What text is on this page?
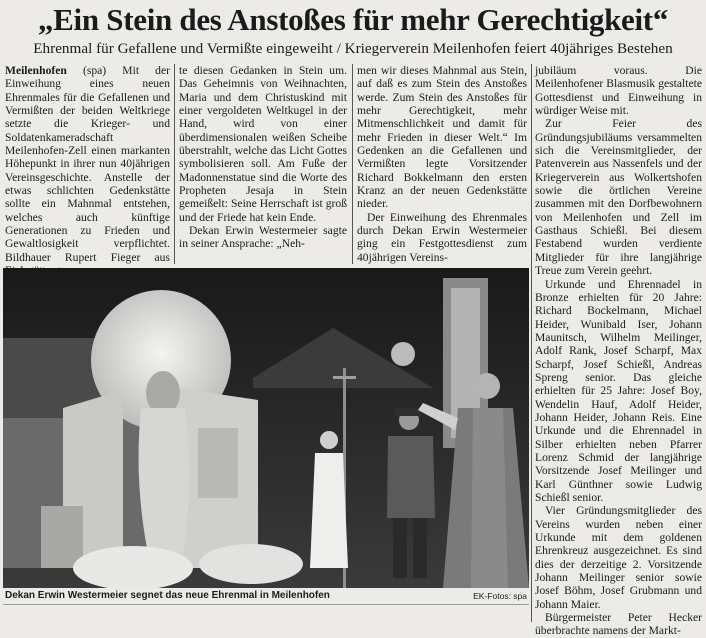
„Ein Stein des Anstoßes für mehr Gerechtigkeit“
Ehrenmal für Gefallene und Vermißte eingeweiht / Kriegerverein Meilenhofen feiert 40jähriges Bestehen

Meilenhofen (spa) Mit der Einweihung eines neuen Ehrenmales für die Gefallenen und Vermißten der beiden Weltkriege setzte die Krieger- und Soldatenkameradschaft Meilenhofen-Zell einen markanten Höhepunkt in ihrer nun 40jährigen Vereinsgeschichte. Anstelle der etwas schlichten Gedenkstätte sollte ein Mahnmal entstehen, welches auch künftige Generationen zu Frieden und Gewaltlosigkeit verpflichtet. Bildhauer Rupert Fieger aus

te diesen Gedanken in Stein um. Das Geheimnis von Weihnachten, Maria und dem Christuskind mit einer vergoldeten Weltkugel in der Hand, wird von einer überdimensionalen weißen Scheibe überstrahlt, welche das Licht Gottes symbolisieren soll. Am Fuße der Madonnenstatue sind die Worte des Propheten Jesaja in Stein gemeißelt: Seine Herrschaft ist groß und der Friede hat kein Ende.

Dekan Erwin Westermeier sagte in seiner Ansprache: „Neh-

men wir dieses Mahnmal aus Stein, auf daß es zum Stein des Anstoßes werde. Zum Stein des Anstoßes für mehr Gerechtigkeit, mehr Mitmenschlichkeit und damit für mehr Frieden in dieser Welt.“ Im Gedenken an die Gefallenen und Vermißten legte Vorsitzender Richard Bokkelmann den ersten Kranz an der neuen Gedenkstätte nieder.

Der Einweihung des Ehrenmales durch Dekan Erwin Westermeier ging ein Festgottesdienst zum 40jährigen Vereins-

jubiläum voraus. Die Meilenhofener Blasmusik gestaltete Gottesdienst und Einweihung in würdiger Weise mit.

Zur Feier des Gründungsjubiläums versammelten sich die Vereinsmitglieder, der Patenverein aus Nassenfels und der Kriegerverein aus Wolkertshofen sowie die örtlichen Vereine zusammen mit den Dorfbewohnern von Meilenhofen und Zell im Gasthaus Schießl. Bei diesem Festabend wurden verdiente Mitglieder für ihre langjährige Treue zum Verein geehrt.

Urkunde und Ehrennadel in Bronze erhielten für 20 Jahre: Richard Bockelmann, Michael Heider, Wunibald Iser, Johann Maunitsch, Wilhelm Meilinger, Adolf Rank, Josef Scharpf, Max Scharpf, Josef Schießl, Andreas Spreng senior. Das gleiche erhielten für 25 Jahre: Josef Boy, Wendelin Hauf, Adolf Heider, Johann Heider, Johann Reis. Eine Urkunde und die Ehrennadel in Silber erhielten neben Pfarrer Lorenz Schmid der langjährige Vorsitzende Josef Meilinger und Karl Günthner sowie Ludwig Schießl senior.

Vier Gründungsmitglieder des Vereins wurden neben einer Urkunde mit dem goldenen Ehrenkreuz ausgezeichnet. Es sind dies der derzeitige 2. Vorsitzende Johann Meilinger senior sowie Josef Böhm, Josef Grubmann und Johann Maier.

Bürgermeister Peter Hecker überbrachte namens der Markt-

Dekan Erwin Westermeier segnet das neue Ehrenmal in Meilenhofen	EK-Fotos: spa
